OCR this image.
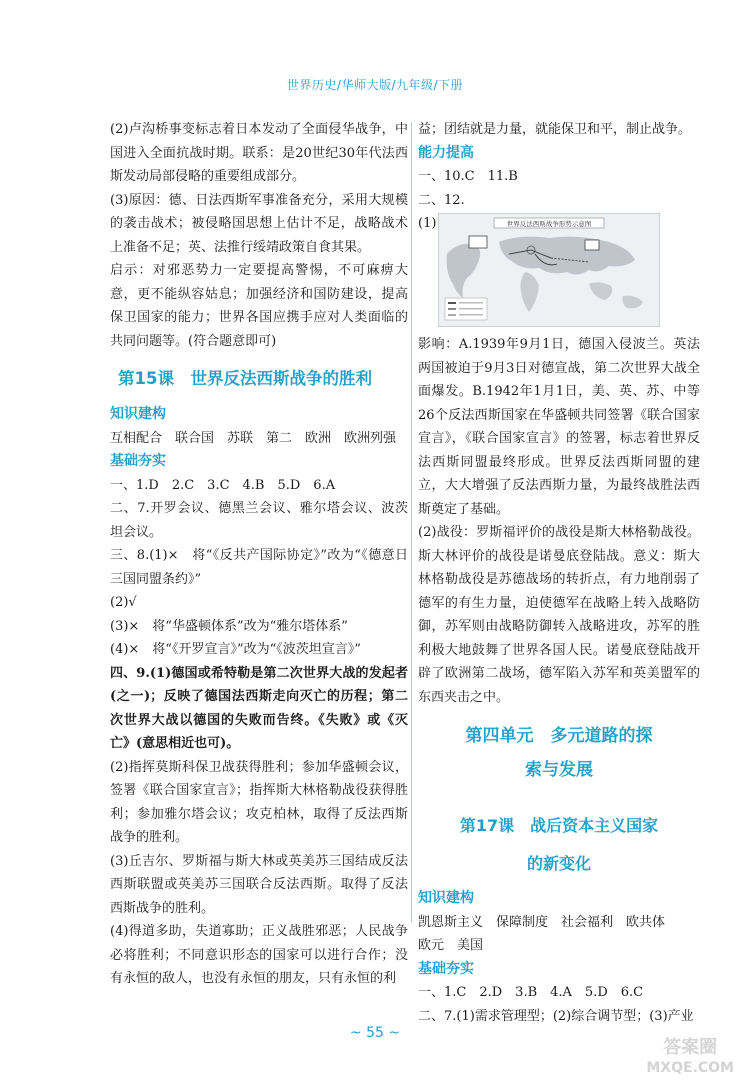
世界历史/华师大版/九年级/下册

(2)卢沟桥事变标志着日本发动了全面侵华战争，中国进入全面抗战时期。联系：是20世纪30年代法西斯发动局部侵略的重要组成部分。

(3)原因：德、日法西斯军事准备充分，采用大规模的袭击战术；被侵略国思想上估计不足，战略战术上准备不足；英、法推行绥靖政策自食其果。

启示：对邪恶势力一定要提高警惕，不可麻痹大意，更不能纵容姑息；加强经济和国防建设，提高保卫国家的能力；世界各国应携手应对人类面临的共同问题等。(符合题意即可)

第15课　世界反法西斯战争的胜利
知识建构

互相配合　联合国　苏联　第二　欧洲　欧洲列强

基础夯实

一、1.D　2.C　3.C　4.B　5.D　6.A

二、7.开罗会议、德黑兰会议、雅尔塔会议、波茨坦会议。

三、8.(1)×　将“《反共产国际协定》”改为“《德意日三国同盟条约》”

(2)√

(3)×　将“华盛顿体系”改为“雅尔塔体系”

(4)×　将“《开罗宣言》”改为“《波茨坦宣言》”

四、9.(1)德国或希特勒是第二次世界大战的发起者(之一)；反映了德国法西斯走向灭亡的历程；第二次世界大战以德国的失败而告终。《失败》或《灭亡》(意思相近也可)。

(2)指挥莫斯科保卫战获得胜利；参加华盛顿会议，签署《联合国家宣言》；指挥斯大林格勒战役获得胜利；参加雅尔塔会议；攻克柏林，取得了反法西斯战争的胜利。

(3)丘吉尔、罗斯福与斯大林或英美苏三国结成反法西斯联盟或英美苏三国联合反法西斯。取得了反法西斯战争的胜利。

(4)得道多助，失道寡助；正义战胜邪恶；人民战争必将胜利；不同意识形态的国家可以进行合作；没有永恒的敌人，也没有永恒的朋友，只有永恒的利

益；团结就是力量，就能保卫和平，制止战争。

能力提高

一、10.C　11.B

二、12.

(1)	世界反法西斯战争形势示意图

影响：A.1939年9月1日，德国入侵波兰。英法两国被迫于9月3日对德宣战，第二次世界大战全面爆发。B.1942年1月1日，美、英、苏、中等26个反法西斯国家在华盛顿共同签署《联合国家宣言》，《联合国家宣言》的签署，标志着世界反法西斯同盟最终形成。世界反法西斯同盟的建立，大大增强了反法西斯力量，为最终战胜法西斯奠定了基础。

(2)战役：罗斯福评价的战役是斯大林格勒战役。斯大林评价的战役是诺曼底登陆战。意义：斯大林格勒战役是苏德战场的转折点，有力地削弱了德军的有生力量，迫使德军在战略上转入战略防御，苏军则由战略防御转入战略进攻，苏军的胜利极大地鼓舞了世界各国人民。诺曼底登陆战开辟了欧洲第二战场，德军陷入苏军和英美盟军的东西夹击之中。

第四单元　多元道路的探
索与发展
第17课　战后资本主义国家
的新变化
知识建构

凯恩斯主义　保障制度　社会福利　欧共体

欧元　美国

基础夯实

一、1.C　2.D　3.B　4.A　5.D　6.C

二、7.(1)需求管理型；(2)综合调节型；(3)产业

~ 55 ~
答案圈
MXQE.COM
